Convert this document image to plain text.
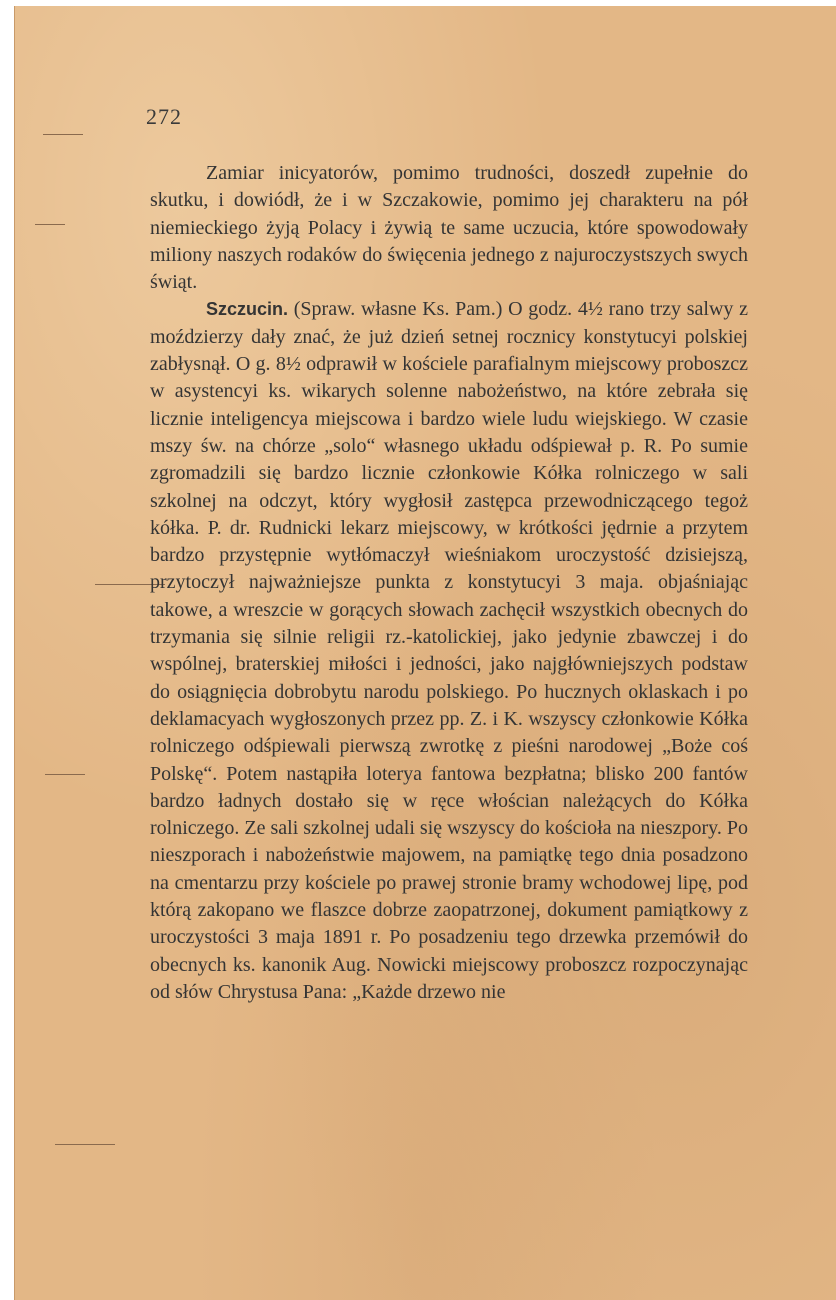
272

Zamiar inicyatorów, pomimo trudności, doszedł zupełnie do skutku, i dowiódł, że i w Szczakowie, pomimo jej charakteru na pół niemieckiego żyją Polacy i żywią te same uczucia, które spowodowały miliony naszych rodaków do święcenia jednego z najuroczystszych swych świąt.

Szczucin. (Spraw. własne Ks. Pam.) O godz. 4½ rano trzy salwy z moździerzy dały znać, że już dzień setnej rocznicy konstytucyi polskiej zabłysnął. O g. 8½ odprawił w kościele parafialnym miejscowy proboszcz w asystencyi ks. wikarych solenne nabożeństwo, na które zebrała się licznie inteligencya miejscowa i bardzo wiele ludu wiejskiego. W czasie mszy św. na chórze „solo“ własnego układu odśpiewał p. R. Po sumie zgromadzili się bardzo licznie członkowie Kółka rolniczego w sali szkolnej na odczyt, który wygłosił zastępca przewodniczącego tegoż kółka. P. dr. Rudnicki lekarz miejscowy, w krótkości jędrnie a przytem bardzo przystępnie wytłómaczył wieśniakom uroczystość dzisiejszą, przytoczył najważniejsze punkta z konstytucyi 3 maja. objaśniając takowe, a wreszcie w gorących słowach zachęcił wszystkich obecnych do trzymania się silnie religii rz.-katolickiej, jako jedynie zbawczej i do wspólnej, braterskiej miłości i jedności, jako najgłówniejszych podstaw do osiągnięcia dobrobytu narodu polskiego. Po hucznych oklaskach i po deklamacyach wygłoszonych przez pp. Z. i K. wszyscy członkowie Kółka rolniczego odśpiewali pierwszą zwrotkę z pieśni narodowej „Boże coś Polskę“. Potem nastąpiła loterya fantowa bezpłatna; blisko 200 fantów bardzo ładnych dostało się w ręce włościan należących do Kółka rolniczego. Ze sali szkolnej udali się wszyscy do kościoła na nieszpory. Po nieszporach i nabożeństwie majowem, na pamiątkę tego dnia posadzono na cmentarzu przy kościele po prawej stronie bramy wchodowej lipę, pod którą zakopano we flaszce dobrze zaopatrzonej, dokument pamiątkowy z uroczystości 3 maja 1891 r. Po posadzeniu tego drzewka przemówił do obecnych ks. kanonik Aug. Nowicki miejscowy proboszcz rozpoczynając od słów Chrystusa Pana: „Każde drzewo nie
